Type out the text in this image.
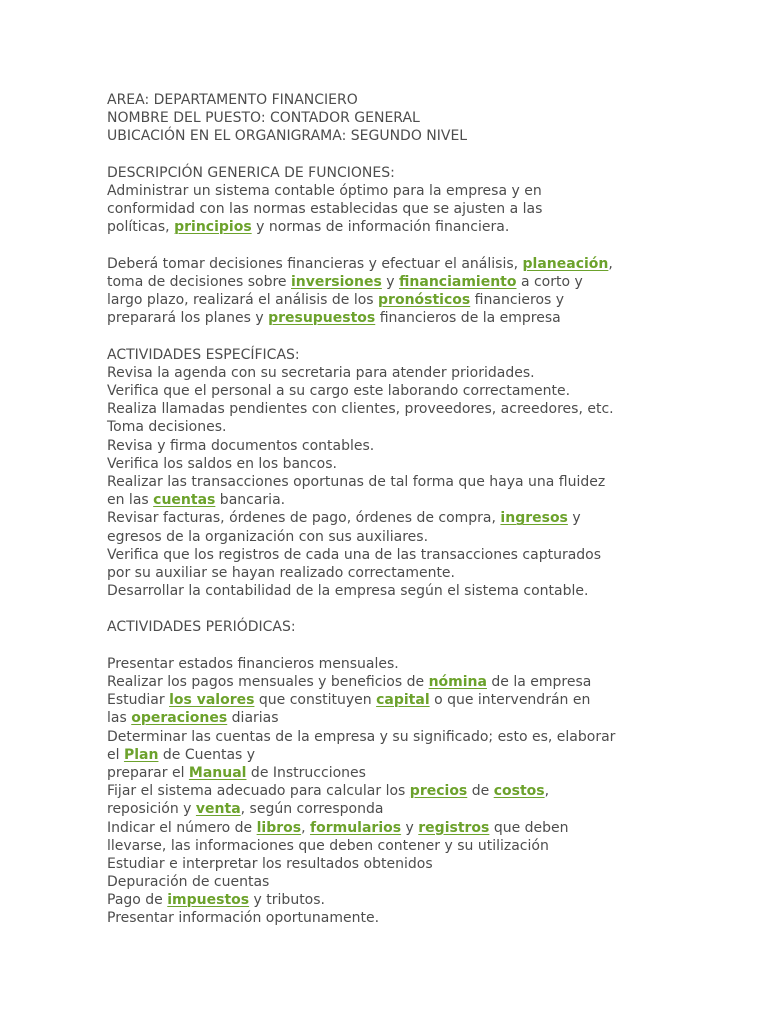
AREA: DEPARTAMENTO FINANCIERO
NOMBRE DEL PUESTO: CONTADOR GENERAL
UBICACIÓN EN EL ORGANIGRAMA: SEGUNDO NIVEL
DESCRIPCIÓN GENERICA DE FUNCIONES:
Administrar un sistema contable óptimo para la empresa y en
conformidad con las normas establecidas que se ajusten a las
políticas, principios y normas de información financiera.
Deberá tomar decisiones financieras y efectuar el análisis, planeación,
toma de decisiones sobre inversiones y financiamiento a corto y
largo plazo, realizará el análisis de los pronósticos financieros y
preparará los planes y presupuestos financieros de la empresa
ACTIVIDADES ESPECÍFICAS:
Revisa la agenda con su secretaria para atender prioridades.
Verifica que el personal a su cargo este laborando correctamente.
Realiza llamadas pendientes con clientes, proveedores, acreedores, etc.
Toma decisiones.
Revisa y firma documentos contables.
Verifica los saldos en los bancos.
Realizar las transacciones oportunas de tal forma que haya una fluidez
en las cuentas bancaria.
Revisar facturas, órdenes de pago, órdenes de compra, ingresos y
egresos de la organización con sus auxiliares.
Verifica que los registros de cada una de las transacciones capturados
por su auxiliar se hayan realizado correctamente.
Desarrollar la contabilidad de la empresa según el sistema contable.
ACTIVIDADES PERIÓDICAS:
Presentar estados financieros mensuales.
Realizar los pagos mensuales y beneficios de nómina de la empresa
Estudiar los valores que constituyen capital o que intervendrán en
las operaciones diarias
Determinar las cuentas de la empresa y su significado; esto es, elaborar
el Plan de Cuentas y
preparar el Manual de Instrucciones
Fijar el sistema adecuado para calcular los precios de costos,
reposición y venta, según corresponda
Indicar el número de libros, formularios y registros que deben
llevarse, las informaciones que deben contener y su utilización
Estudiar e interpretar los resultados obtenidos
Depuración de cuentas
Pago de impuestos y tributos.
Presentar información oportunamente.
